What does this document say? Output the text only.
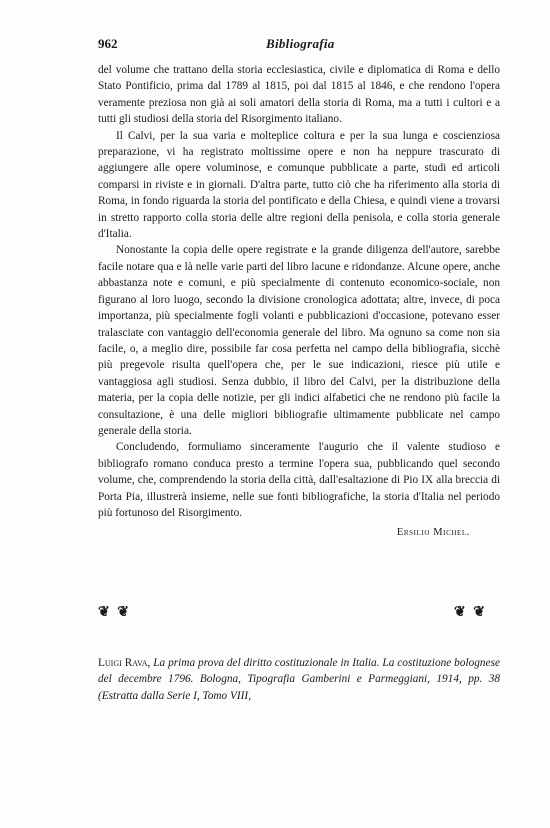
962	Bibliografia

del volume che trattano della storia ecclesiastica, civile e diplomatica di Roma e dello Stato Pontificio, prima dal 1789 al 1815, poi dal 1815 al 1846, e che rendono l'opera veramente preziosa non già ai soli amatori della storia di Roma, ma a tutti i cultori e a tutti gli studiosi della storia del Risorgimento italiano.

Il Calvi, per la sua varia e molteplice coltura e per la sua lunga e coscienziosa preparazione, vi ha registrato moltissime opere e non ha neppure trascurato di aggiungere alle opere voluminose, e comunque pubblicate a parte, studi ed articoli comparsi in riviste e in giornali. D'altra parte, tutto ciò che ha riferimento alla storia di Roma, in fondo riguarda la storia del pontificato e della Chiesa, e quindi viene a trovarsi in stretto rapporto colla storia delle altre regioni della penisola, e colla storia generale d'Italia.

Nonostante la copia delle opere registrate e la grande diligenza dell'autore, sarebbe facile notare qua e là nelle varie parti del libro lacune e ridondanze. Alcune opere, anche abbastanza note e comuni, e più specialmente di contenuto economico-sociale, non figurano al loro luogo, secondo la divisione cronologica adottata; altre, invece, di poca importanza, più specialmente fogli volanti e pubblicazioni d'occasione, potevano esser tralasciate con vantaggio dell'economia generale del libro. Ma ognuno sa come non sia facile, o, a meglio dire, possibile far cosa perfetta nel campo della bibliografia, sicchè più pregevole risulta quell'opera che, per le sue indicazioni, riesce più utile e vantaggiosa agli studiosi. Senza dubbio, il libro del Calvi, per la distribuzione della materia, per la copia delle notizie, per gli indici alfabetici che ne rendono più facile la consultazione, è una delle migliori bibliografie ultimamente pubblicate nel campo generale della storia.

Concludendo, formuliamo sinceramente l'augurio che il valente studioso e bibliografo romano conduca presto a termine l'opera sua, pubblicando quel secondo volume, che, comprendendo la storia della città, dall'esaltazione di Pio IX alla breccia di Porta Pia, illustrerà insieme, nelle sue fonti bibliografiche, la storia d'Italia nel periodo più fortunoso del Risorgimento.

Ersilio Michel.
❦ ❦	❦ ❦
Luigi Rava, La prima prova del diritto costituzionale in Italia. La costituzione bolognese del decembre 1796. Bologna, Tipografia Gamberini e Parmeggiani, 1914, pp. 38 (Estratta dalla Serie I, Tomo VIII,
